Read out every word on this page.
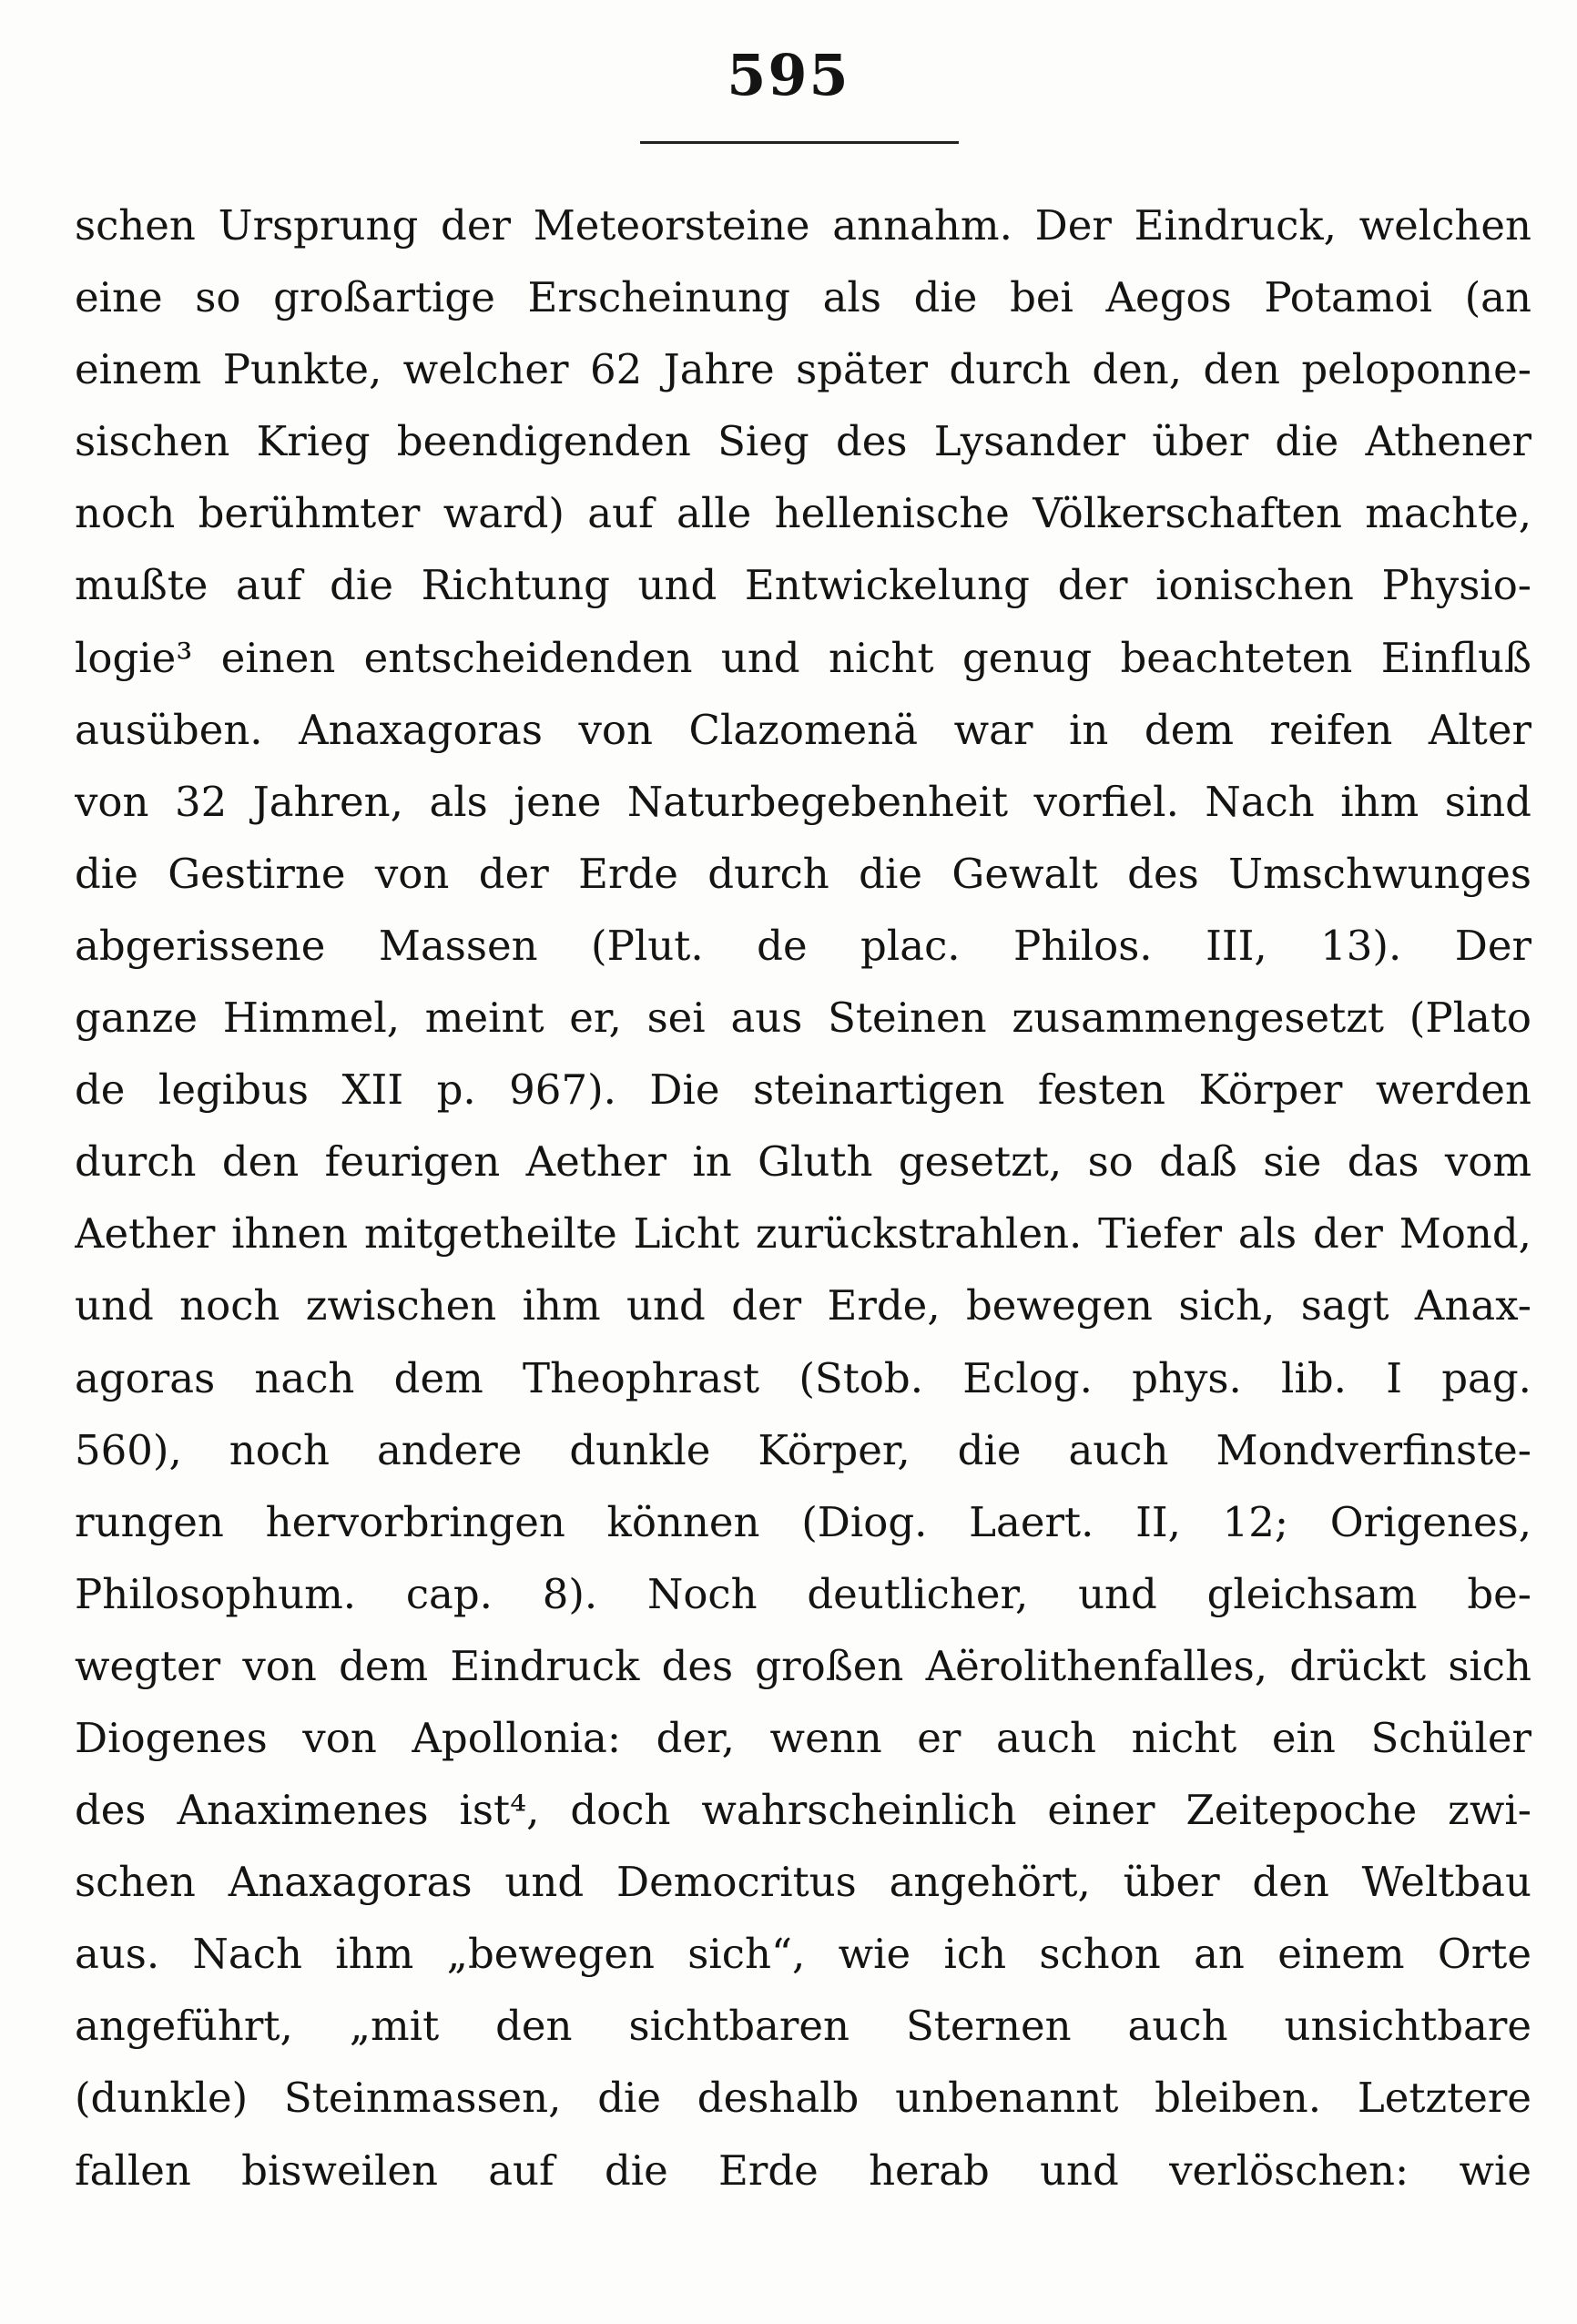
595
schen Ursprung der Meteorsteine annahm. Der Eindruck, welchen
eine so großartige Erscheinung als die bei Aegos Potamoi (an
einem Punkte, welcher 62 Jahre später durch den, den peloponne-
sischen Krieg beendigenden Sieg des Lysander über die Athener
noch berühmter ward) auf alle hellenische Völkerschaften machte,
mußte auf die Richtung und Entwickelung der ionischen Physio-
logie³ einen entscheidenden und nicht genug beachteten Einfluß
ausüben. Anaxagoras von Clazomenä war in dem reifen Alter
von 32 Jahren, als jene Naturbegebenheit vorfiel. Nach ihm sind
die Gestirne von der Erde durch die Gewalt des Umschwunges
abgerissene Massen (Plut. de plac. Philos. III, 13). Der
ganze Himmel, meint er, sei aus Steinen zusammengesetzt (Plato
de legibus XII p. 967). Die steinartigen festen Körper werden
durch den feurigen Aether in Gluth gesetzt, so daß sie das vom
Aether ihnen mitgetheilte Licht zurückstrahlen. Tiefer als der Mond,
und noch zwischen ihm und der Erde, bewegen sich, sagt Anax-
agoras nach dem Theophrast (Stob. Eclog. phys. lib. I pag.
560), noch andere dunkle Körper, die auch Mondverfinste-
rungen hervorbringen können (Diog. Laert. II, 12; Origenes,
Philosophum. cap. 8). Noch deutlicher, und gleichsam be-
wegter von dem Eindruck des großen Aërolithenfalles, drückt sich
Diogenes von Apollonia: der, wenn er auch nicht ein Schüler
des Anaximenes ist⁴, doch wahrscheinlich einer Zeitepoche zwi-
schen Anaxagoras und Democritus angehört, über den Weltbau
aus. Nach ihm „bewegen sich“, wie ich schon an einem Orte
angeführt, „mit den sichtbaren Sternen auch unsichtbare
(dunkle) Steinmassen, die deshalb unbenannt bleiben. Letztere
fallen bisweilen auf die Erde herab und verlöschen: wie
